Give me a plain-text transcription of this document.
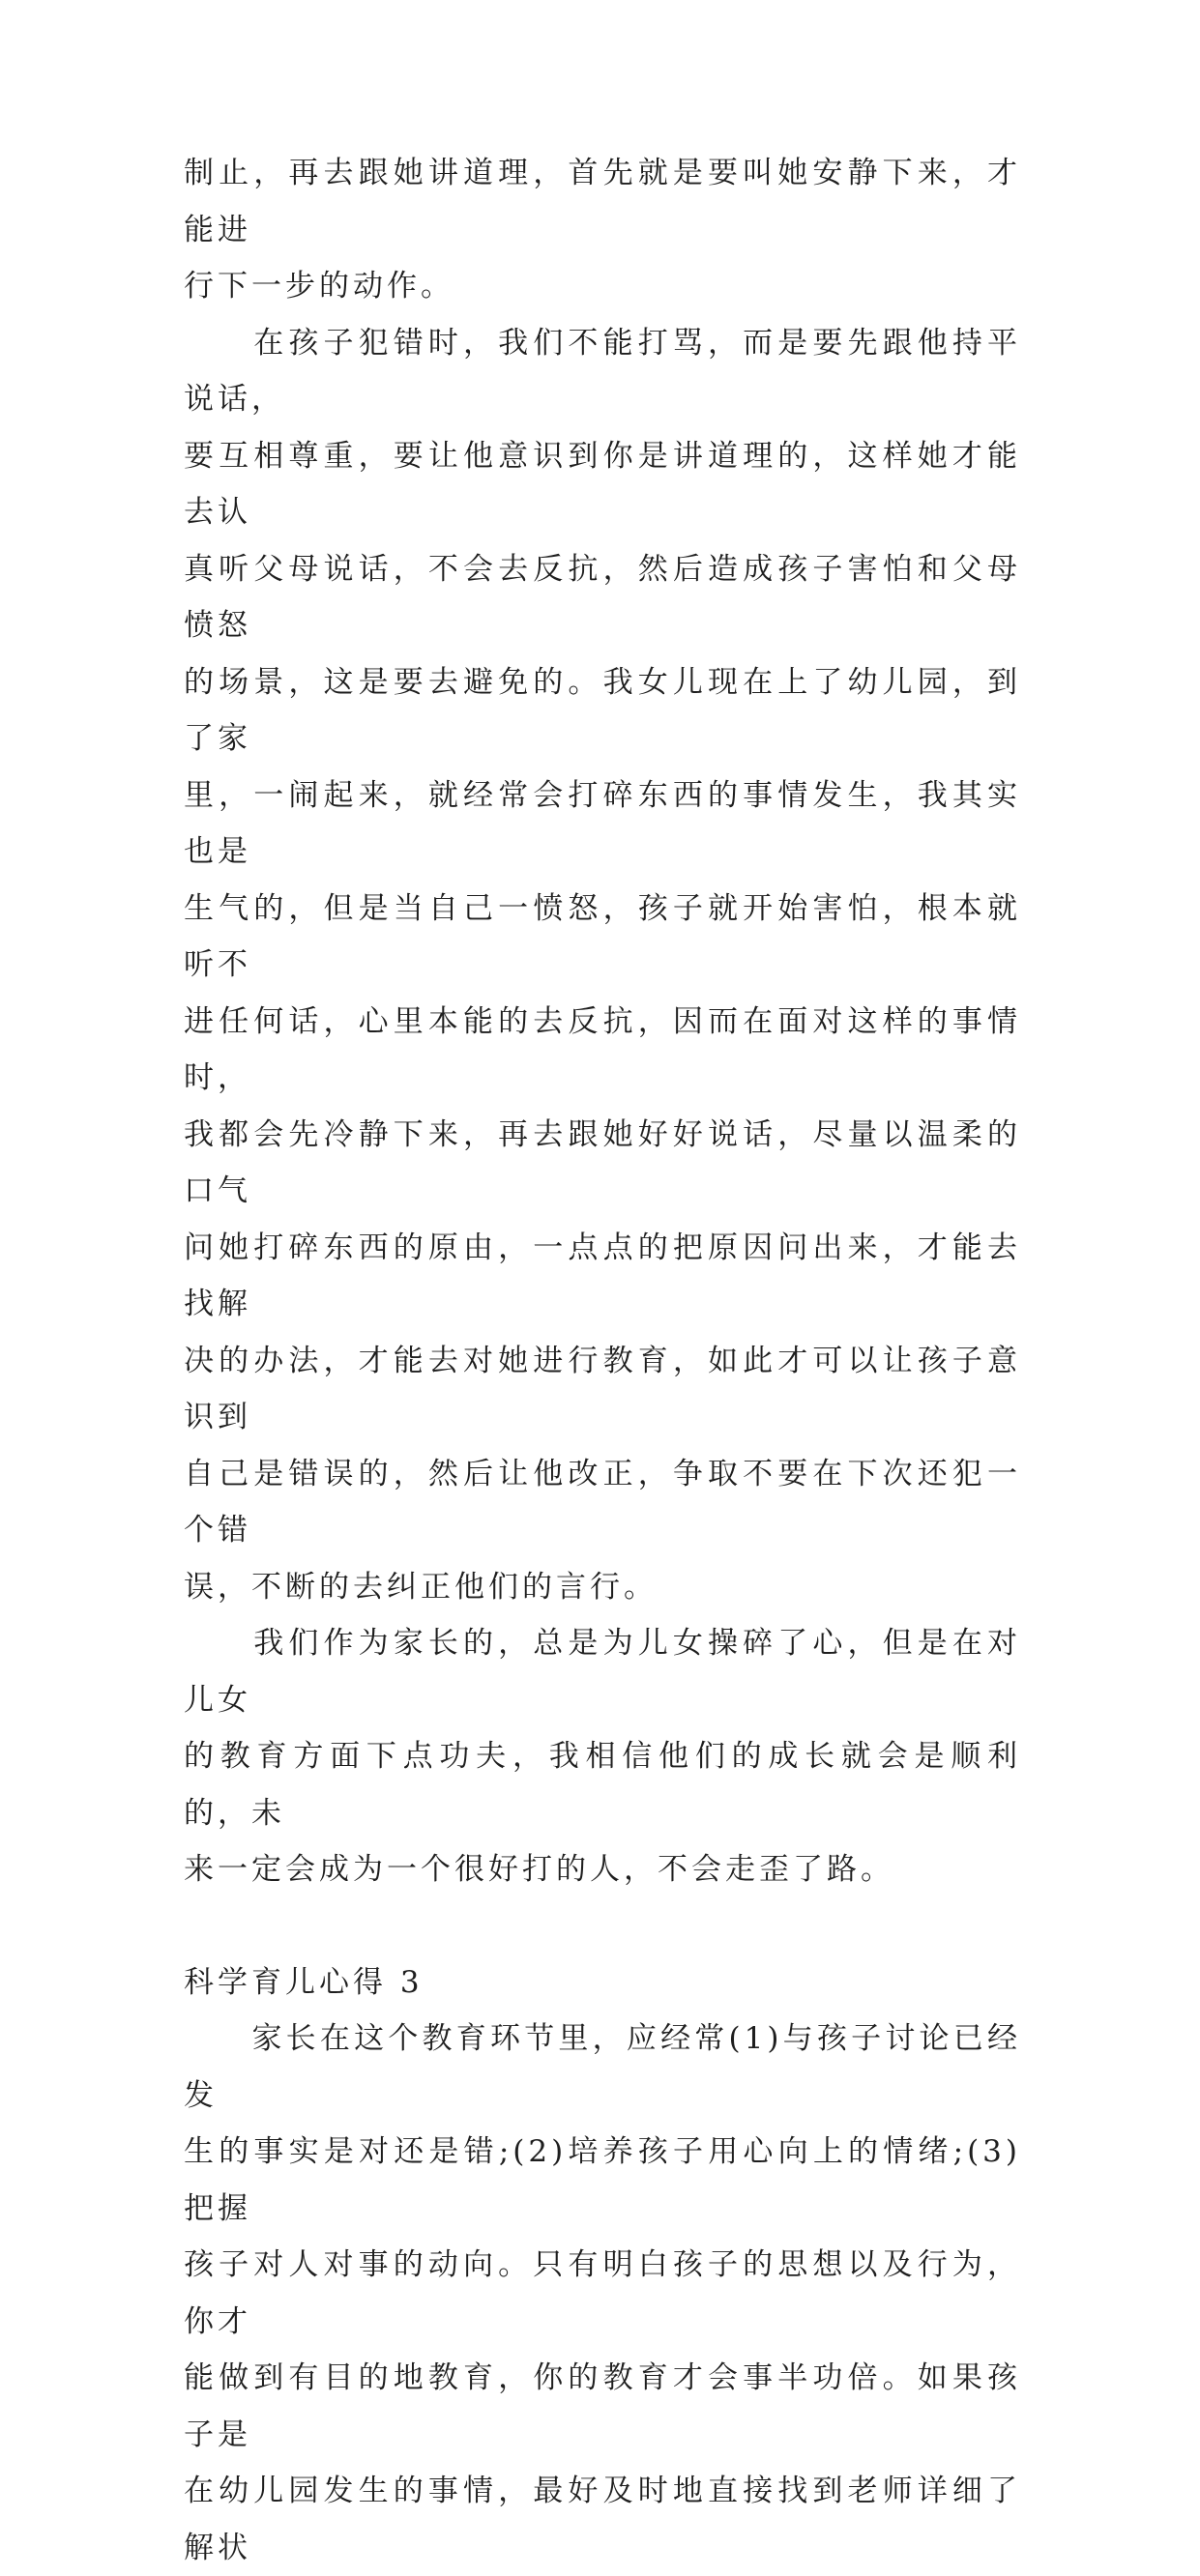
制止，再去跟她讲道理，首先就是要叫她安静下来，才能进
行下一步的动作。
　　在孩子犯错时，我们不能打骂，而是要先跟他持平说话，
要互相尊重，要让他意识到你是讲道理的，这样她才能去认
真听父母说话，不会去反抗，然后造成孩子害怕和父母愤怒
的场景，这是要去避免的。我女儿现在上了幼儿园，到了家
里，一闹起来，就经常会打碎东西的事情发生，我其实也是
生气的，但是当自己一愤怒，孩子就开始害怕，根本就听不
进任何话，心里本能的去反抗，因而在面对这样的事情时，
我都会先冷静下来，再去跟她好好说话，尽量以温柔的口气
问她打碎东西的原由，一点点的把原因问出来，才能去找解
决的办法，才能去对她进行教育，如此才可以让孩子意识到
自己是错误的，然后让他改正，争取不要在下次还犯一个错
误，不断的去纠正他们的言行。
　　我们作为家长的，总是为儿女操碎了心，但是在对儿女
的教育方面下点功夫，我相信他们的成长就会是顺利的，未
来一定会成为一个很好打的人，不会走歪了路。
科学育儿心得 3
　　家长在这个教育环节里，应经常(1)与孩子讨论已经发
生的事实是对还是错;(2)培养孩子用心向上的情绪;(3)把握
孩子对人对事的动向。只有明白孩子的思想以及行为，你才
能做到有目的地教育，你的教育才会事半功倍。如果孩子是
在幼儿园发生的事情，最好及时地直接找到老师详细了解状
